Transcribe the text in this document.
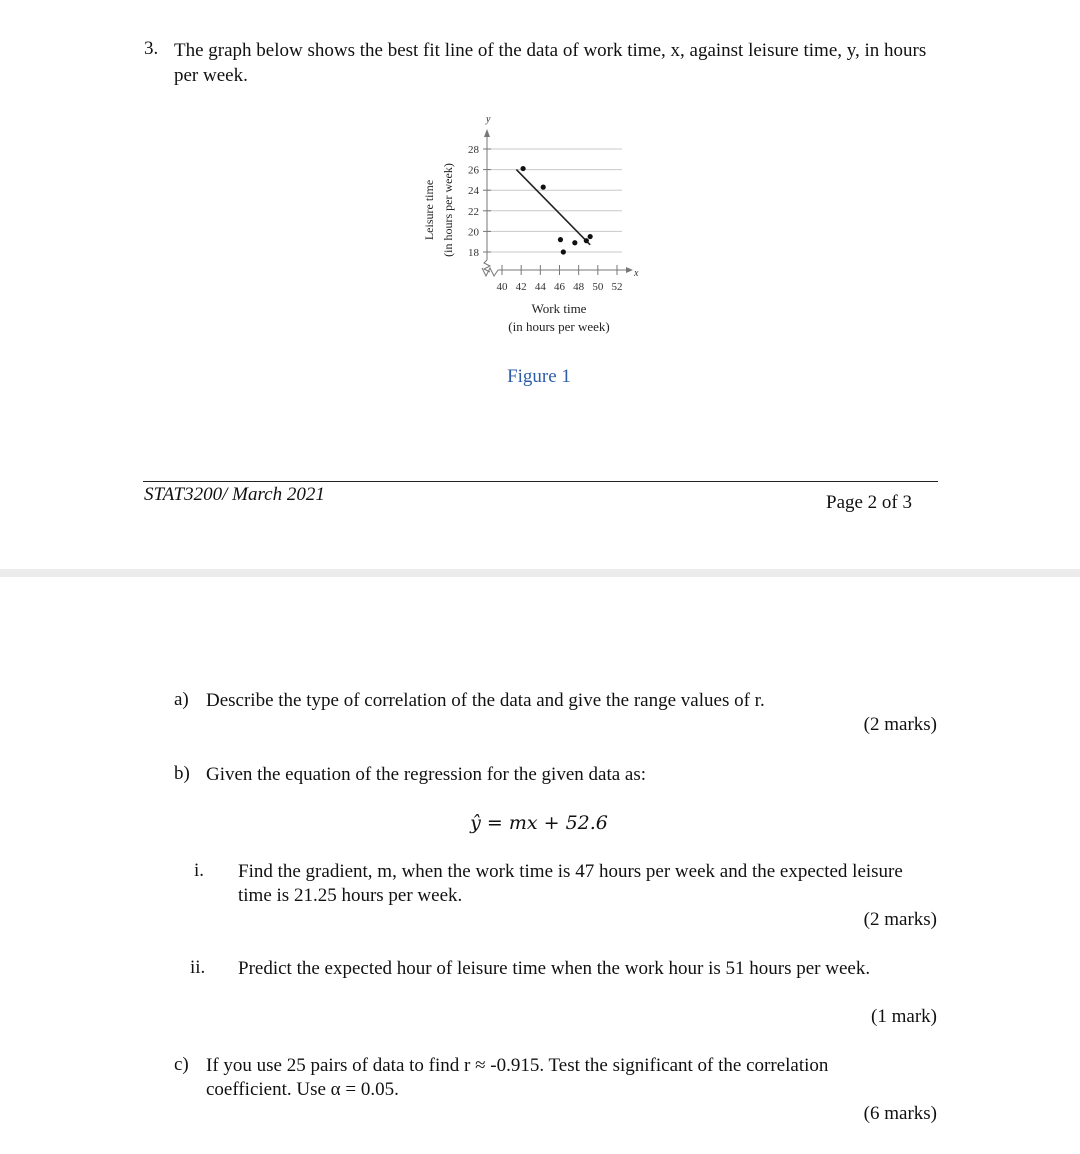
3. The graph below shows the best fit line of the data of work time, x, against leisure time, y, in hours per week.
18
20
22
24
26
28
40 42 44 46 48 50 52
y
x
Leisure time (in hours per week)
Work time
(in hours per week)
Figure 1
STAT3200/ March 2021	Page 2 of 3
a) Describe the type of correlation of the data and give the range values of r.
(2 marks)
b) Given the equation of the regression for the given data as:
ŷ = mx + 52.6
i. Find the gradient, m, when the work time is 47 hours per week and the expected leisure time is 21.25 hours per week.
(2 marks)
ii. Predict the expected hour of leisure time when the work hour is 51 hours per week.
(1 mark)
c) If you use 25 pairs of data to find r ≈ -0.915. Test the significant of the correlation coefficient. Use α = 0.05.
(6 marks)
